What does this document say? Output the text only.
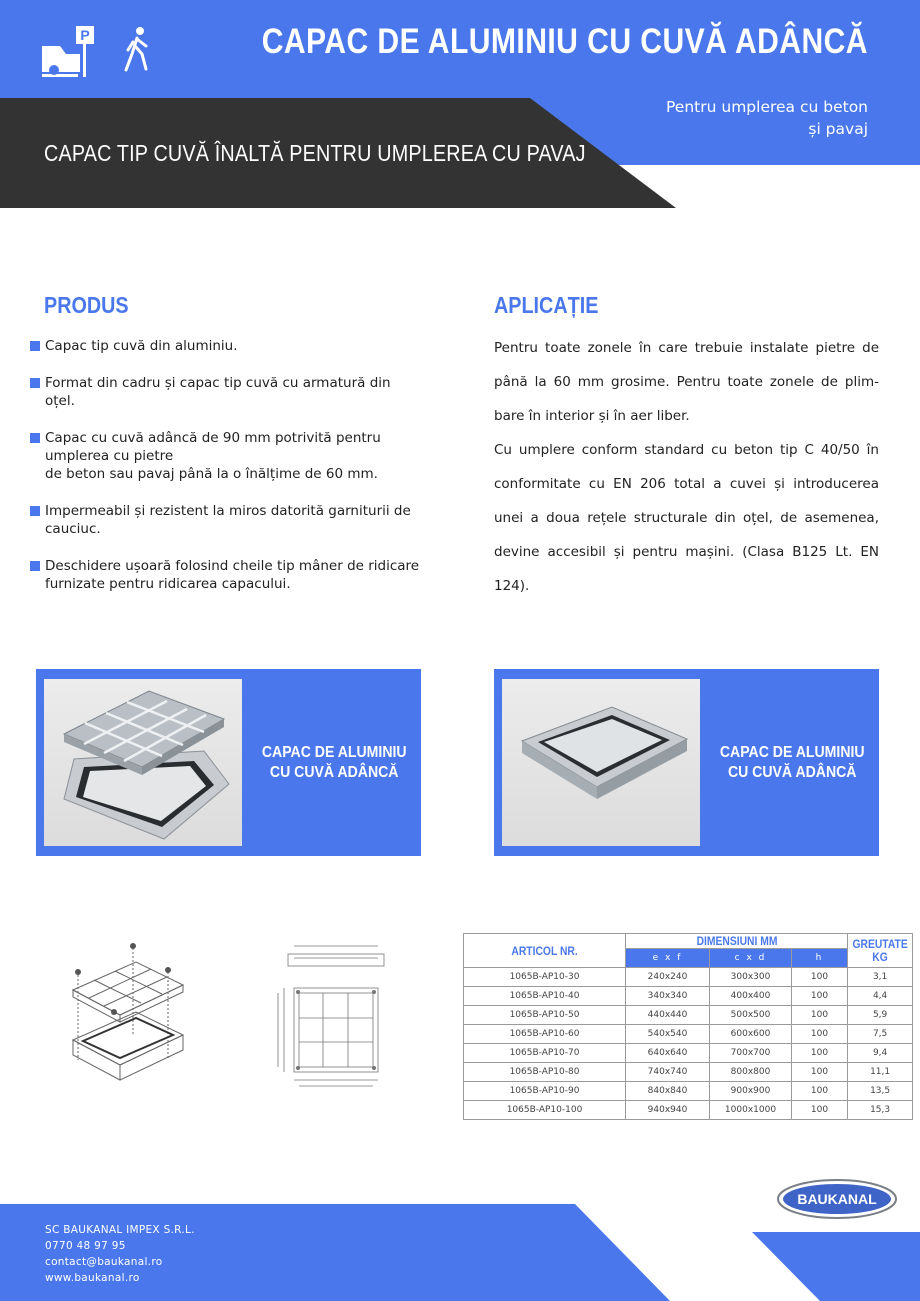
P	CAPAC DE ALUMINIU CU CUVĂ ADÂNCĂ
Pentru umplerea cu beton
și pavaj
CAPAC TIP CUVĂ ÎNALTĂ PENTRU UMPLEREA CU PAVAJ
PRODUS
Capac tip cuvă din aluminiu.
Format din cadru și capac tip cuvă cu armatură din
oțel.
Capac cu cuvă adâncă de 90 mm potrivită pentru
umplerea cu pietre
de beton sau pavaj până la o înălțime de 60 mm.
Impermeabil și rezistent la miros datorită garniturii de
cauciuc.
Deschidere ușoară folosind cheile tip mâner de ridicare
furnizate pentru ridicarea capacului.
APLICAȚIE

Pentru toate zonele în care trebuie instalate pietre de până la 60 mm grosime. Pentru toate zonele de plim-bare în interior și în aer liber.

Cu umplere conform standard cu beton tip C 40/50 în conformitate cu EN 206 total a cuvei și introducerea unei a doua rețele structurale din oțel, de asemenea, devine accesibil și pentru mașini. (Clasa B125 Lt. EN 124).

CAPAC DE ALUMINIU
CU CUVĂ ADÂNCĂ
CAPAC DE ALUMINIU
CU CUVĂ ADÂNCĂ
ARTICOL NR.	DIMENSIUNI MM			GREUTATE
KG
	e x f	c x d	h	
1065B-AP10-30	240x240	300x300	100	3,1
1065B-AP10-40	340x340	400x400	100	4,4
1065B-AP10-50	440x440	500x500	100	5,9
1065B-AP10-60	540x540	600x600	100	7,5
1065B-AP10-70	640x640	700x700	100	9,4
1065B-AP10-80	740x740	800x800	100	11,1
1065B-AP10-90	840x840	900x900	100	13,5
1065B-AP10-100	940x940	1000x1000	100	15,3
SC BAUKANAL IMPEX S.R.L.
0770 48 97 95
contact@baukanal.ro
www.baukanal.ro
BAUKANAL
